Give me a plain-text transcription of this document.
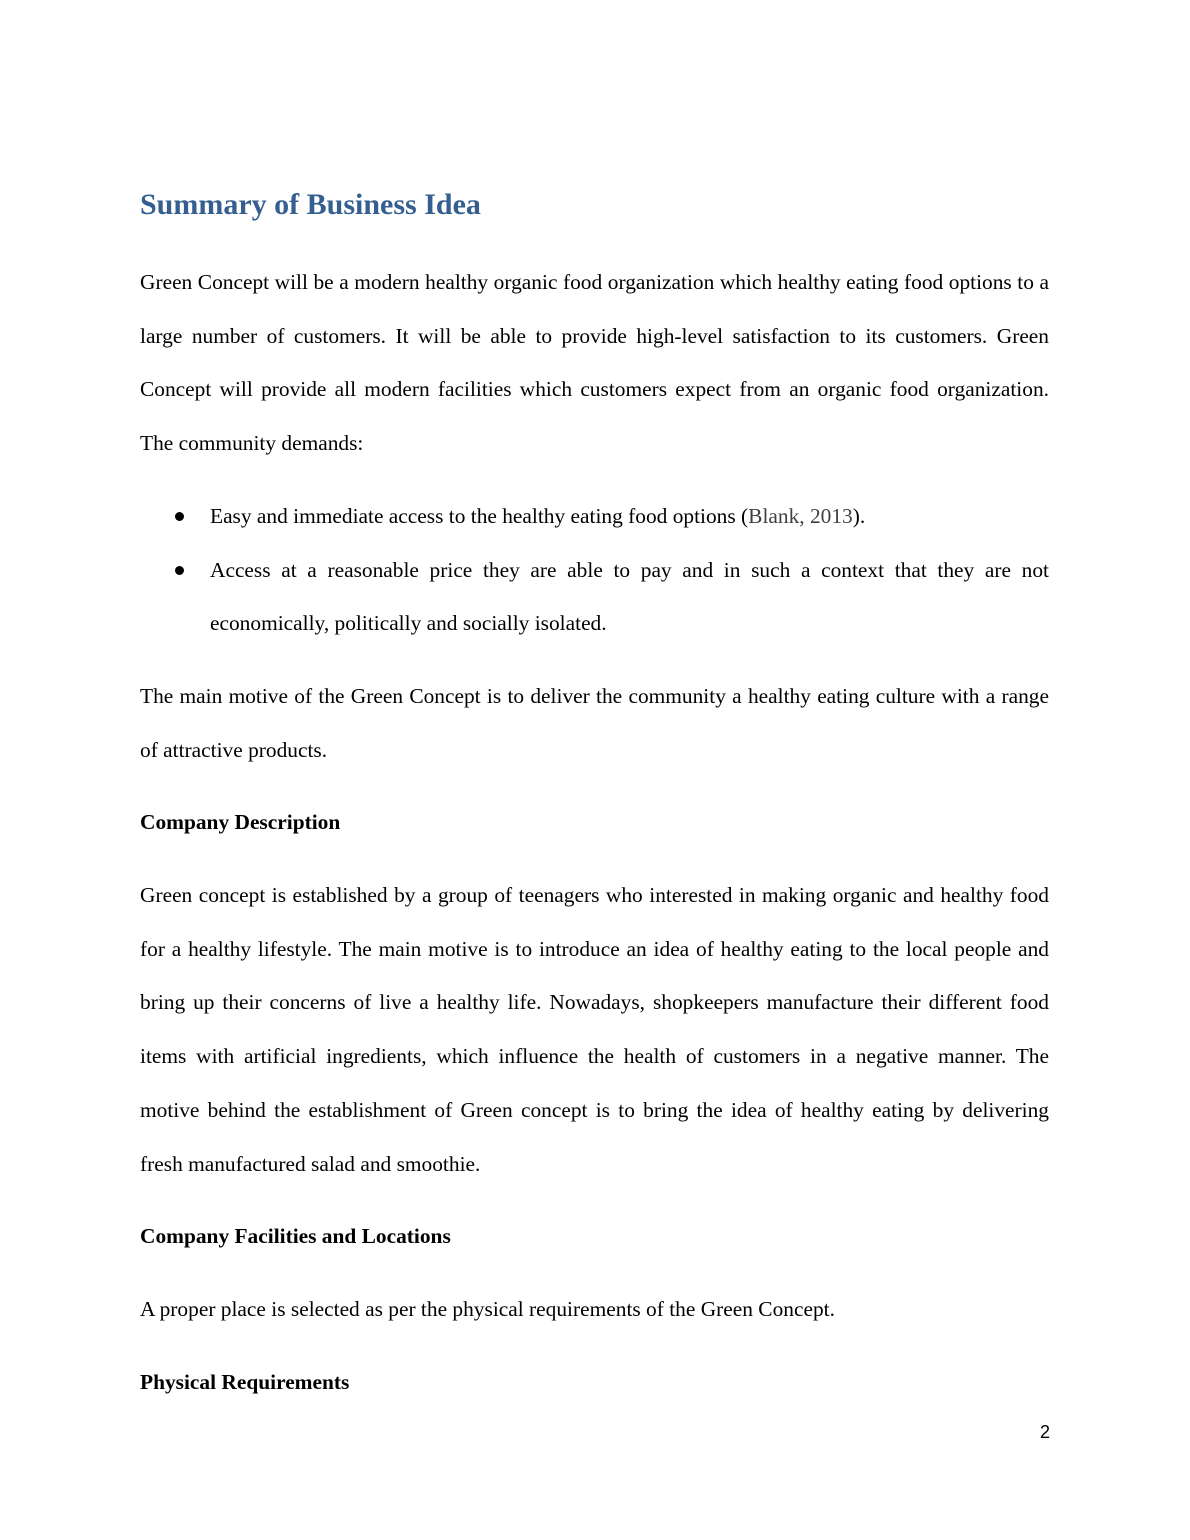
Summary of Business Idea

Green Concept will be a modern healthy organic food organization which healthy eating food options to a large number of customers. It will be able to provide high-level satisfaction to its customers. Green Concept will provide all modern facilities which customers expect from an organic food organization. The community demands:

Easy and immediate access to the healthy eating food options (Blank, 2013).
Access at a reasonable price they are able to pay and in such a context that they are not economically, politically and socially isolated.

The main motive of the Green Concept is to deliver the community a healthy eating culture with a range of attractive products.

Company Description

Green concept is established by a group of teenagers who interested in making organic and healthy food for a healthy lifestyle. The main motive is to introduce an idea of healthy eating to the local people and bring up their concerns of live a healthy life. Nowadays, shopkeepers manufacture their different food items with artificial ingredients, which influence the health of customers in a negative manner. The motive behind the establishment of Green concept is to bring the idea of healthy eating by delivering fresh manufactured salad and smoothie.

Company Facilities and Locations

A proper place is selected as per the physical requirements of the Green Concept.

Physical Requirements
2
